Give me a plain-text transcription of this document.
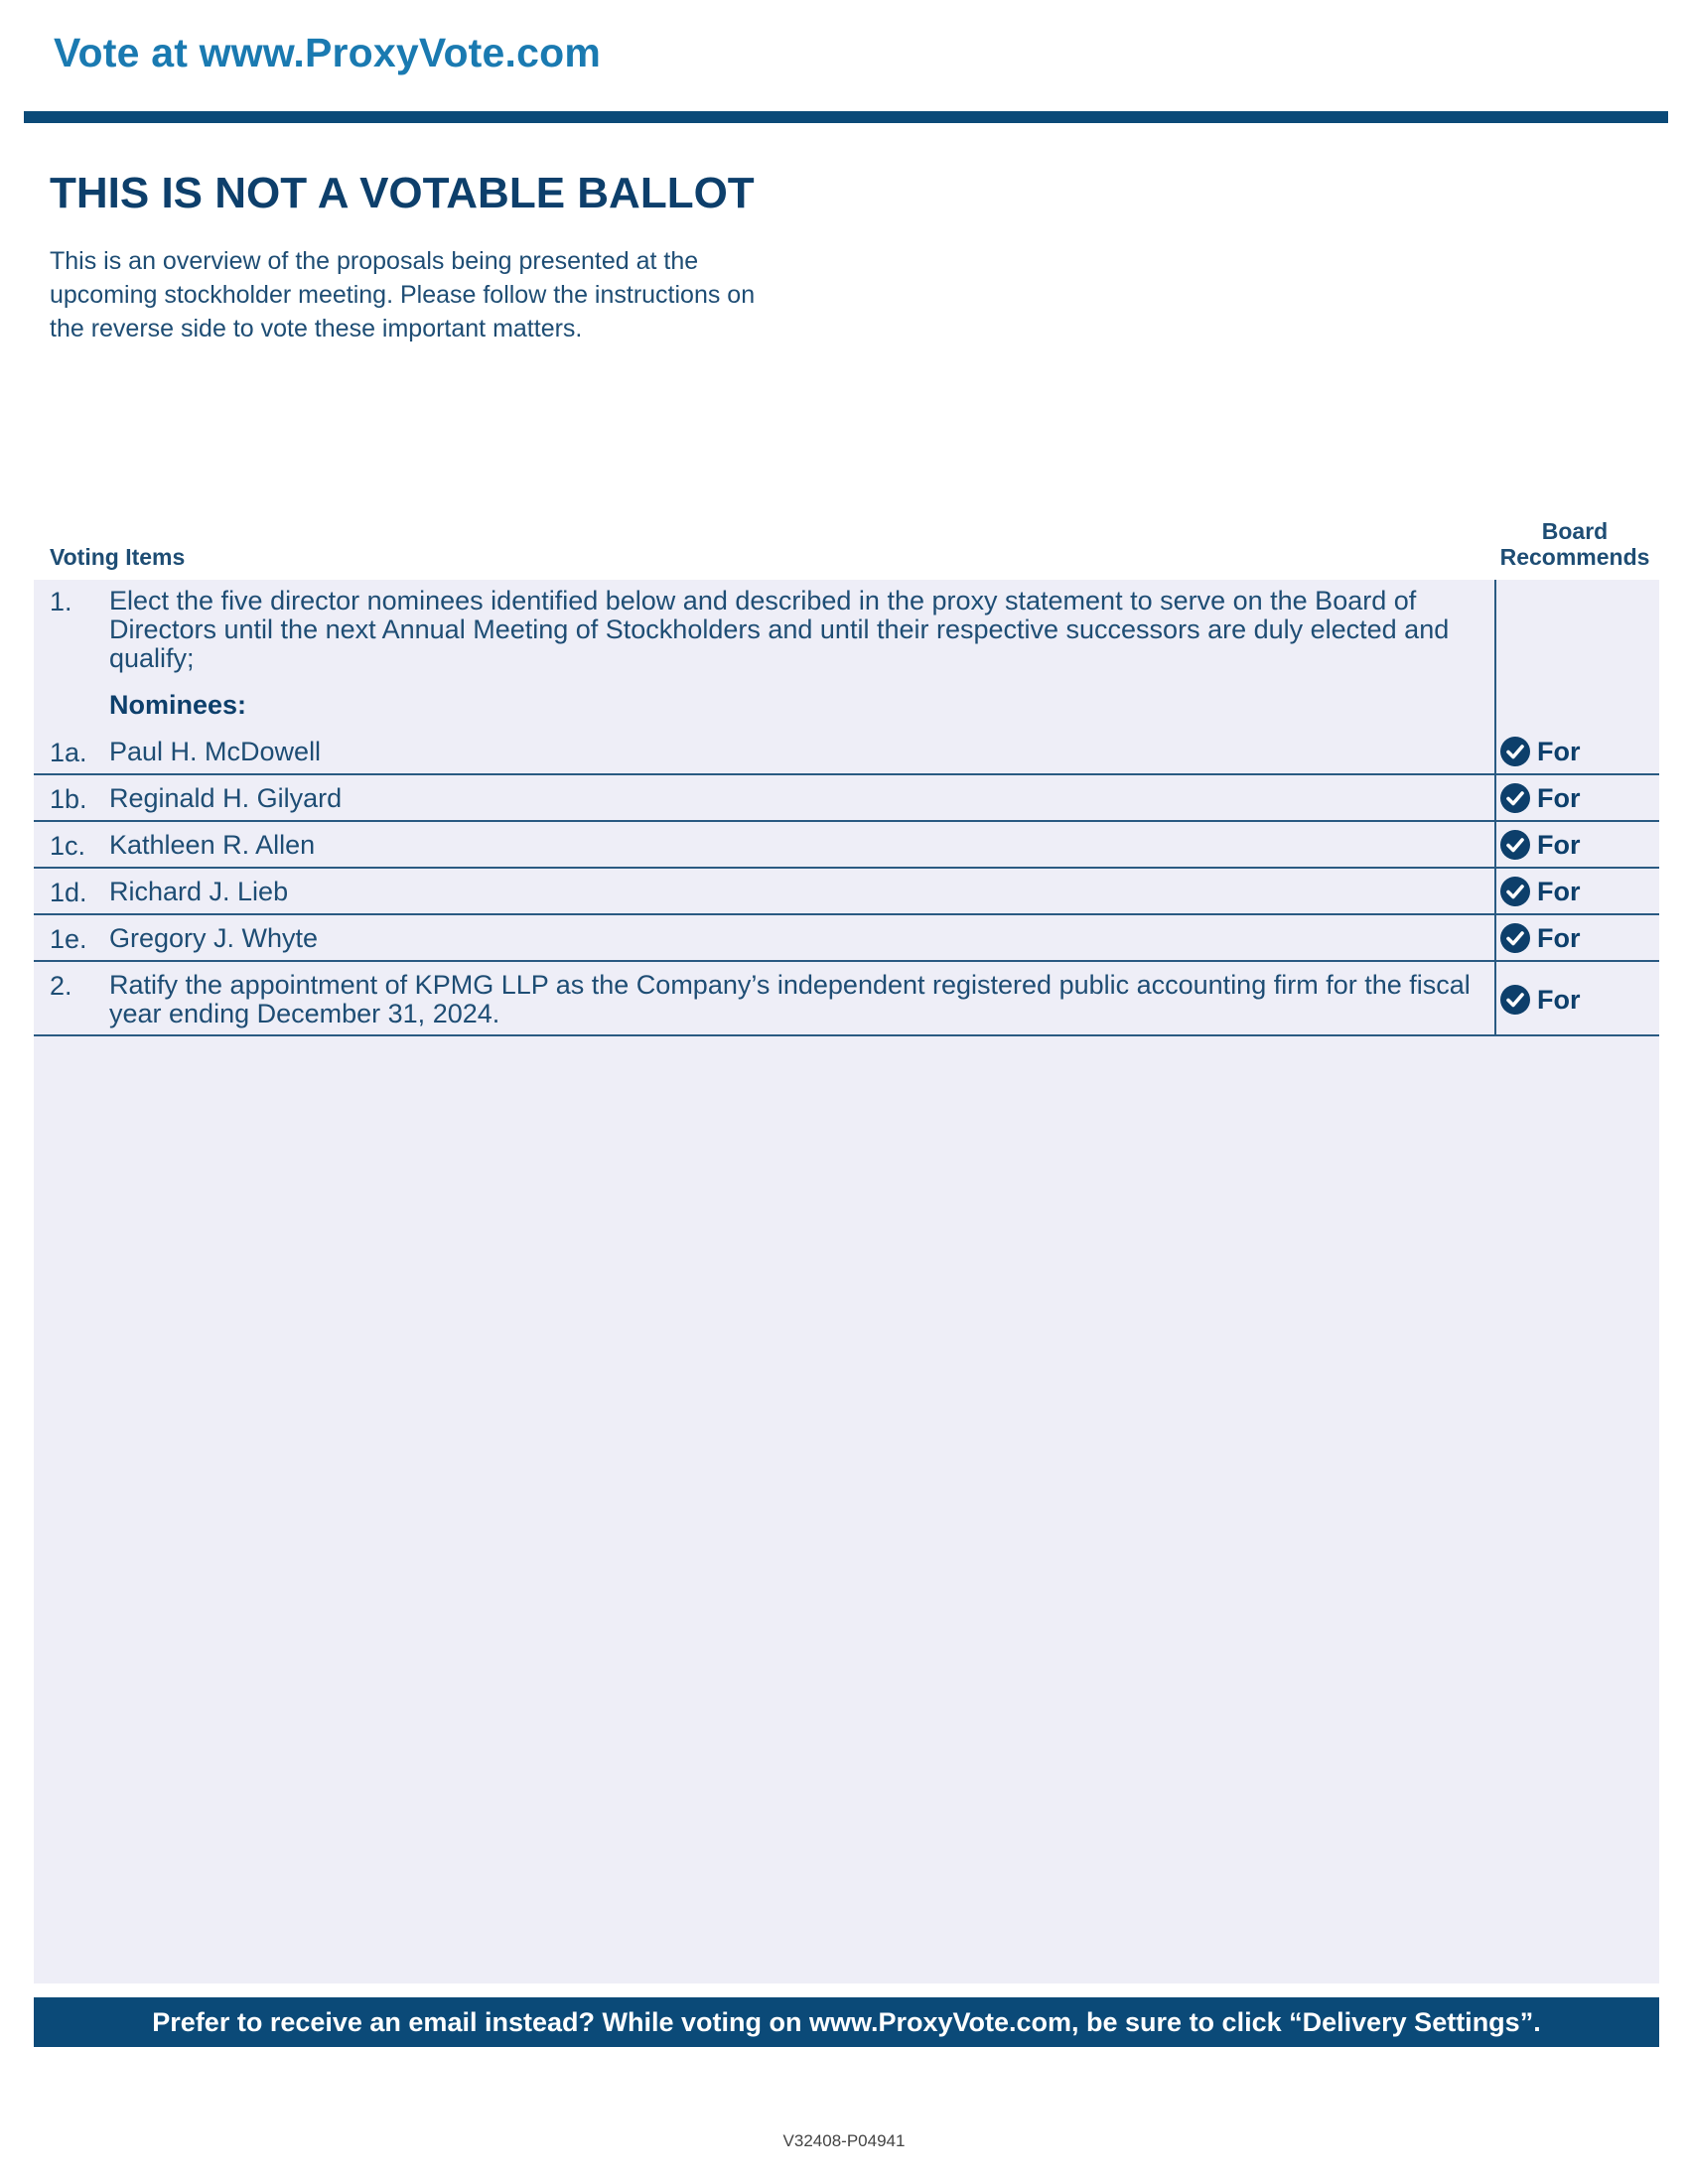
Vote at www.ProxyVote.com
THIS IS NOT A VOTABLE BALLOT
This is an overview of the proposals being presented at the
upcoming stockholder meeting. Please follow the instructions on
the reverse side to vote these important matters.
Voting Items
Board
Recommends
1. Elect the five director nominees identified below and described in the proxy statement to serve on the Board of
Directors until the next Annual Meeting of Stockholders and until their respective successors are duly elected and
qualify;
Nominees:
1a. Paul H. McDowell	For
1b. Reginald H. Gilyard	For
1c. Kathleen R. Allen	For
1d. Richard J. Lieb	For
1e. Gregory J. Whyte	For
2. Ratify the appointment of KPMG LLP as the Company’s independent registered public accounting firm for the fiscal
year ending December 31, 2024.	For
Prefer to receive an email instead? While voting on www.ProxyVote.com, be sure to click “Delivery Settings”.
V32408-P04941
